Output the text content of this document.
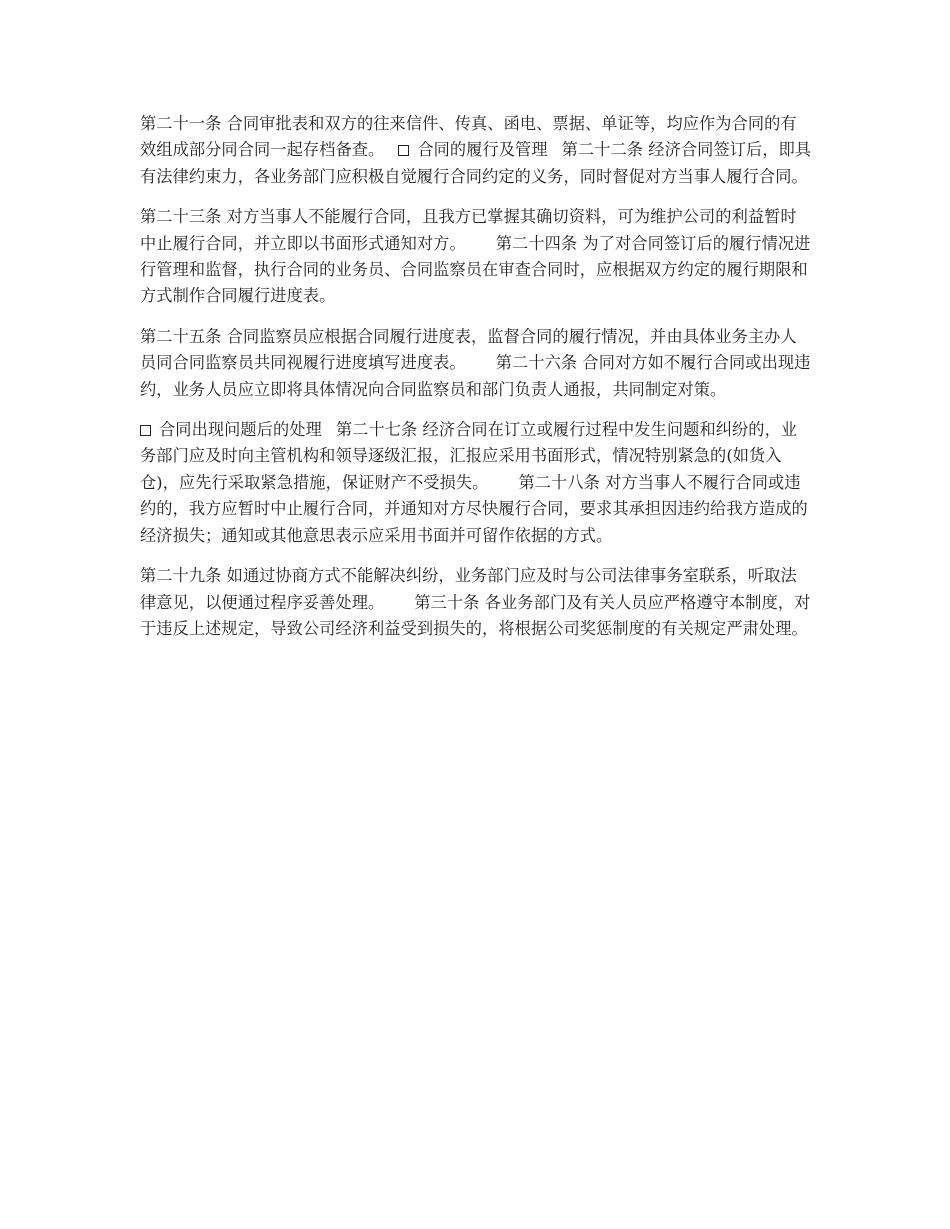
第二十一条 合同审批表和双方的往来信件、传真、函电、票据、单证等，均应作为合同的有效组成部分同合同一起存档备查。 合同的履行及管理 第二十二条 经济合同签订后，即具有法律约束力，各业务部门应积极自觉履行合同约定的义务，同时督促对方当事人履行合同。

第二十三条 对方当事人不能履行合同，且我方已掌握其确切资料，可为维护公司的利益暂时中止履行合同，并立即以书面形式通知对方。 第二十四条 为了对合同签订后的履行情况进行管理和监督，执行合同的业务员、合同监察员在审查合同时，应根据双方约定的履行期限和方式制作合同履行进度表。

第二十五条 合同监察员应根据合同履行进度表，监督合同的履行情况，并由具体业务主办人员同合同监察员共同视履行进度填写进度表。 第二十六条 合同对方如不履行合同或出现违约，业务人员应立即将具体情况向合同监察员和部门负责人通报，共同制定对策。

合同出现问题后的处理 第二十七条 经济合同在订立或履行过程中发生问题和纠纷的，业务部门应及时向主管机构和领导逐级汇报，汇报应采用书面形式，情况特别紧急的(如货入仓)，应先行采取紧急措施，保证财产不受损失。 第二十八条 对方当事人不履行合同或违约的，我方应暂时中止履行合同，并通知对方尽快履行合同，要求其承担因违约给我方造成的经济损失；通知或其他意思表示应采用书面并可留作依据的方式。

第二十九条 如通过协商方式不能解决纠纷，业务部门应及时与公司法律事务室联系，听取法律意见，以便通过程序妥善处理。 第三十条 各业务部门及有关人员应严格遵守本制度，对于违反上述规定，导致公司经济利益受到损失的，将根据公司奖惩制度的有关规定严肃处理。
